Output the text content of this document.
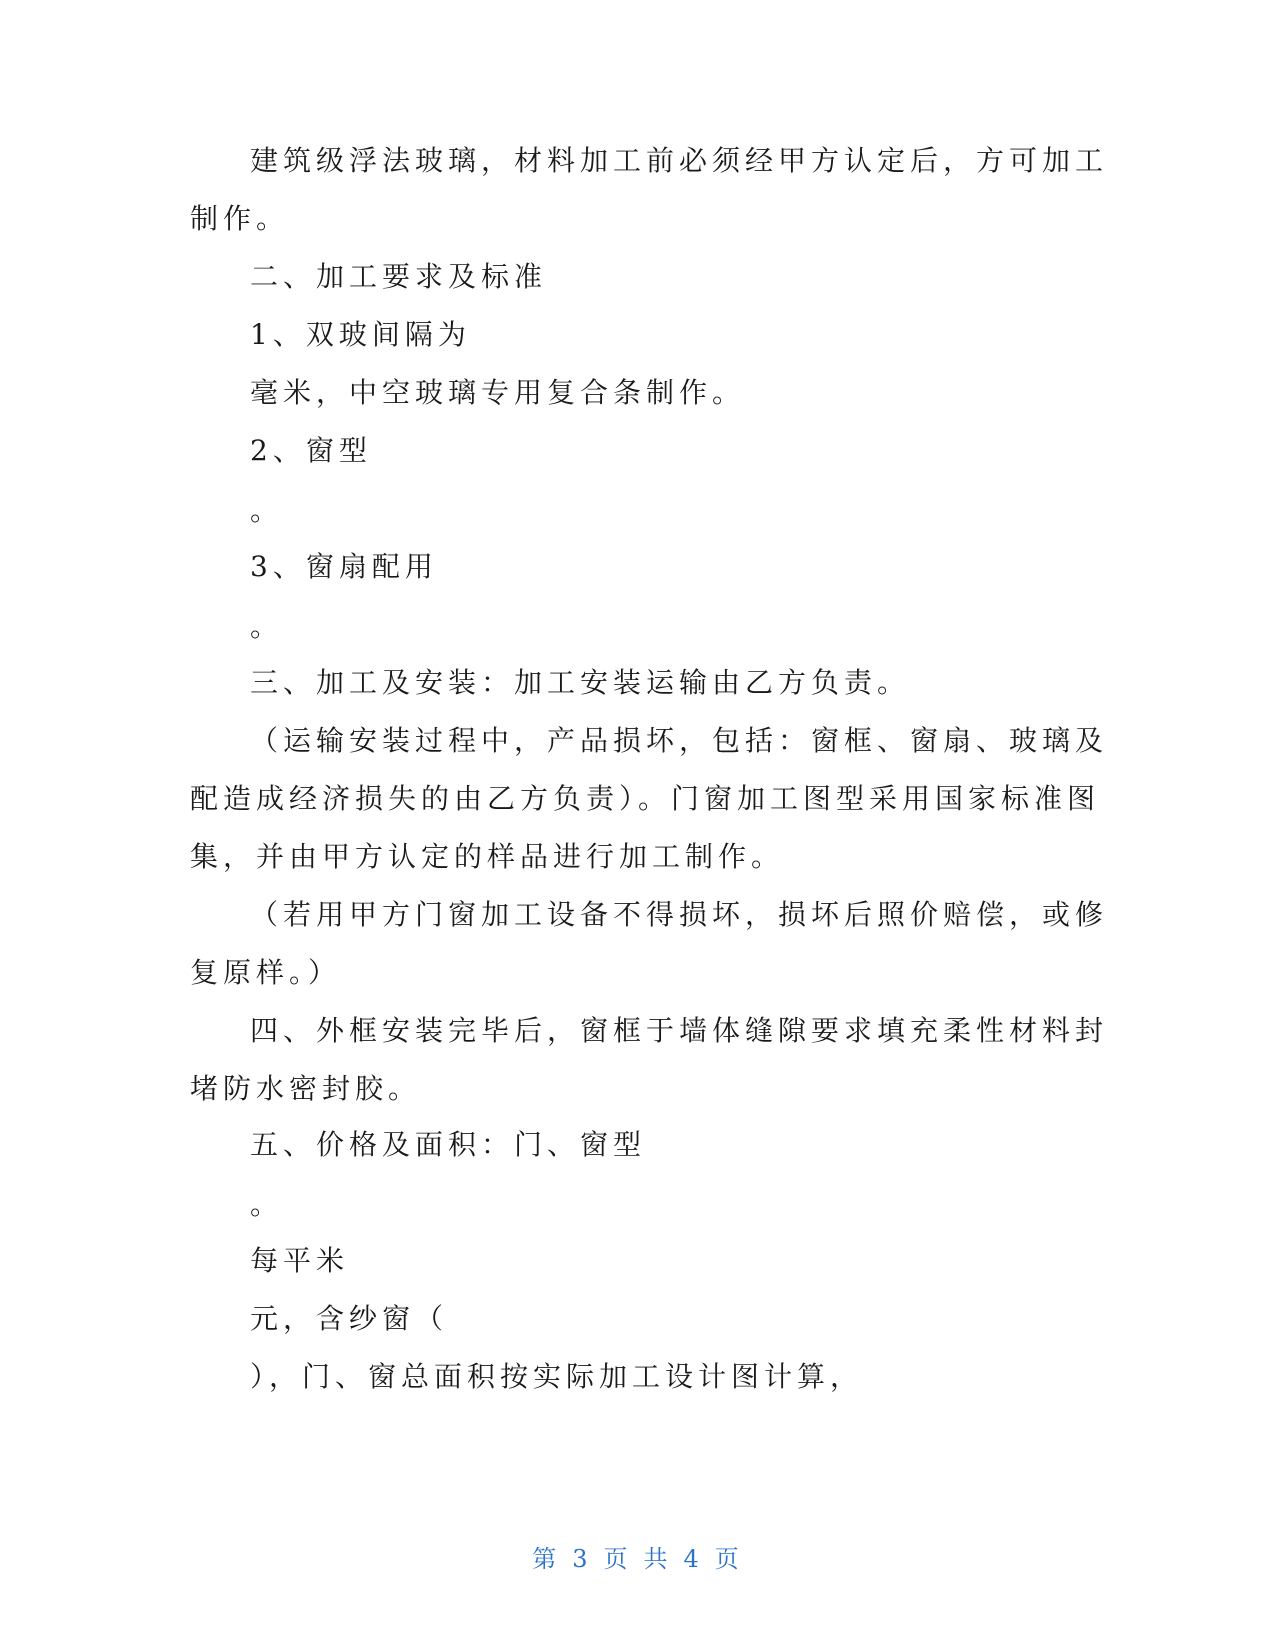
建筑级浮法玻璃，材料加工前必须经甲方认定后，方可加工
制作。
二、加工要求及标准
1、双玻间隔为
毫米，中空玻璃专用复合条制作。
2、窗型
。
3、窗扇配用
。
三、加工及安装：加工安装运输由乙方负责。
（运输安装过程中，产品损坏，包括：窗框、窗扇、玻璃及
配造成经济损失的由乙方负责）。门窗加工图型采用国家标准图
集，并由甲方认定的样品进行加工制作。
（若用甲方门窗加工设备不得损坏，损坏后照价赔偿，或修
复原样。）
四、外框安装完毕后，窗框于墙体缝隙要求填充柔性材料封
堵防水密封胶。
五、价格及面积：门、窗型
。
每平米
元，含纱窗（
），门、窗总面积按实际加工设计图计算，
第 3 页 共 4 页
